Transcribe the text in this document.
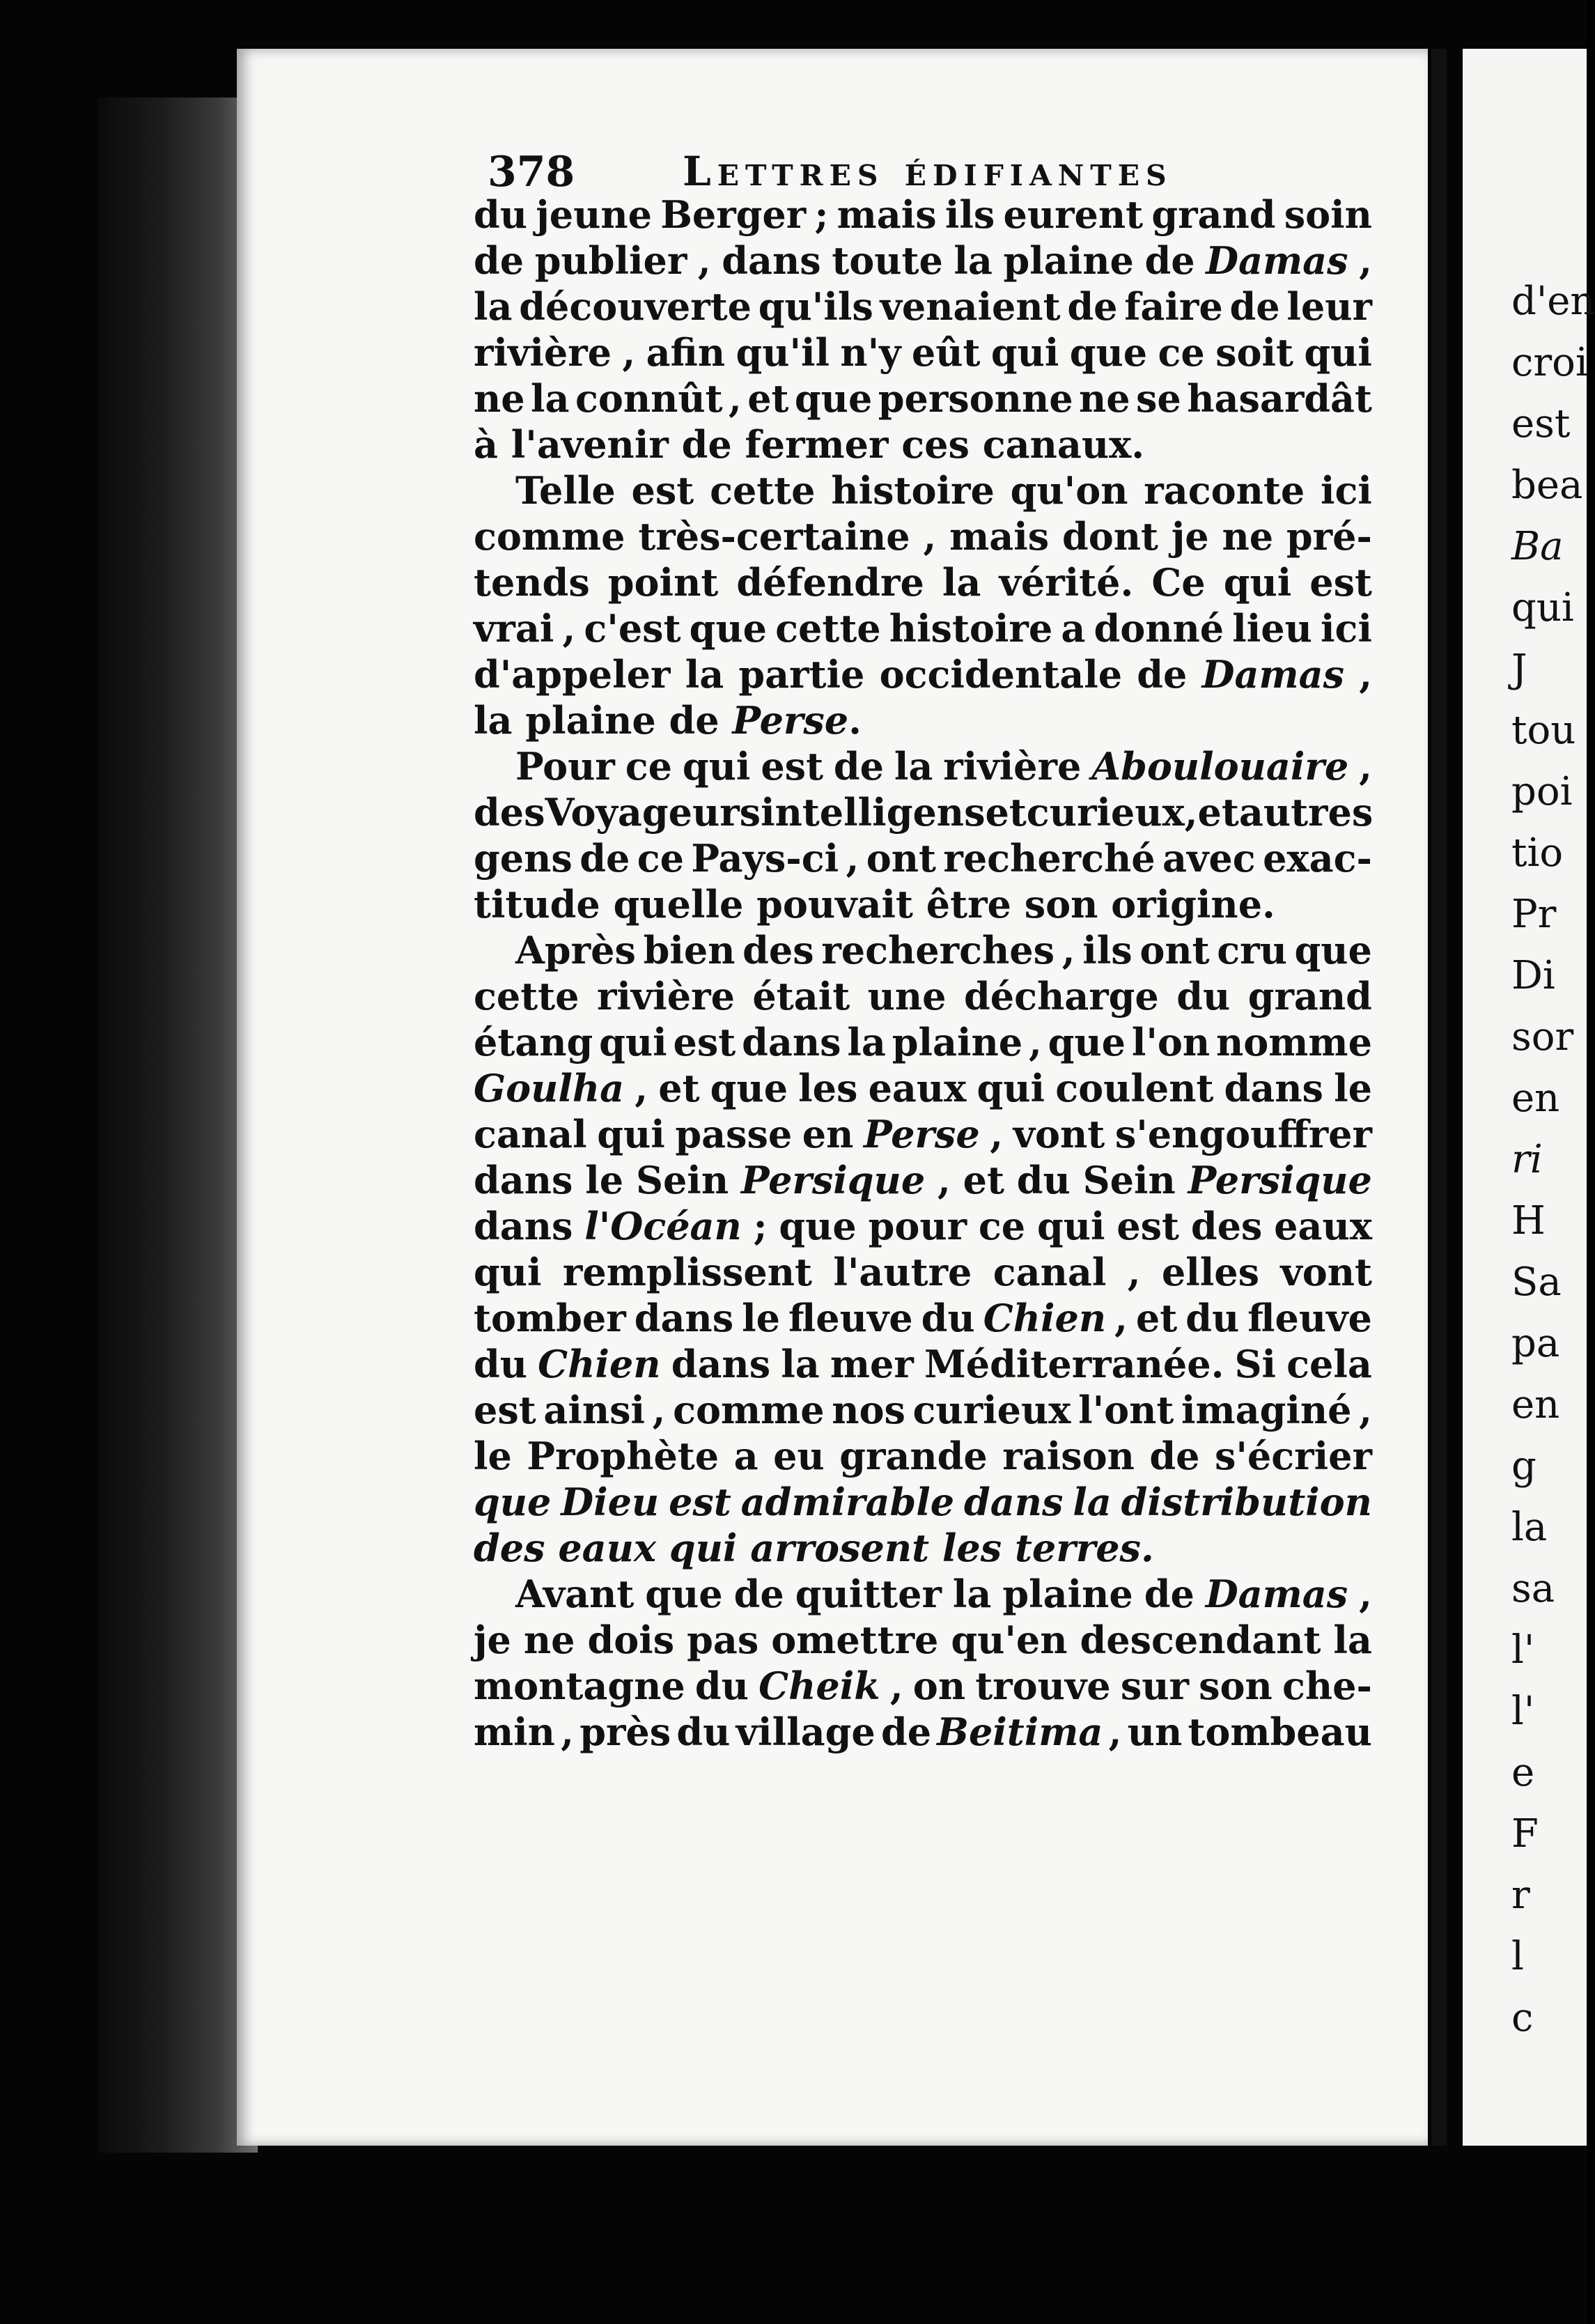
d'en
croi
est
bea
Ba
qui
J
tou
poi
tio
Pr
Di
sor
en
ri
H
Sa
pa
en
g
la
sa
l'
l'
e
F
r
l
c
378	Lettres édifiantes
du jeune Berger ; mais ils eurent grand soin
de publier , dans toute la plaine de Damas ,
la découverte qu'ils venaient de faire de leur
rivière , afin qu'il n'y eût qui que ce soit qui
ne la connût , et que personne ne se hasardât
à l'avenir de fermer ces canaux.
Telle est cette histoire qu'on raconte ici
comme très-certaine , mais dont je ne pré-
tends point défendre la vérité. Ce qui est
vrai , c'est que cette histoire a donné lieu ici
d'appeler la partie occidentale de Damas ,
la plaine de Perse .
Pour ce qui est de la rivière Aboulouaire ,
des Voyageurs intelligens et curieux , et autres
gens de ce Pays-ci , ont recherché avec exac-
titude quelle pouvait être son origine.
Après bien des recherches , ils ont cru que
cette rivière était une décharge du grand
étang qui est dans la plaine , que l'on nomme
Goulha , et que les eaux qui coulent dans le
canal qui passe en Perse , vont s'engouffrer
dans le Sein Persique , et du Sein Persique
dans l'Océan ; que pour ce qui est des eaux
qui remplissent l'autre canal , elles vont
tomber dans le fleuve du Chien , et du fleuve
du Chien dans la mer Méditerranée. Si cela
est ainsi , comme nos curieux l'ont imaginé ,
le Prophète a eu grande raison de s'écrier
que Dieu est admirable dans la distribution
des eaux qui arrosent les terres.
Avant que de quitter la plaine de Damas ,
je ne dois pas omettre qu'en descendant la
montagne du Cheik , on trouve sur son che-
min , près du village de Beitima , un tombeau
